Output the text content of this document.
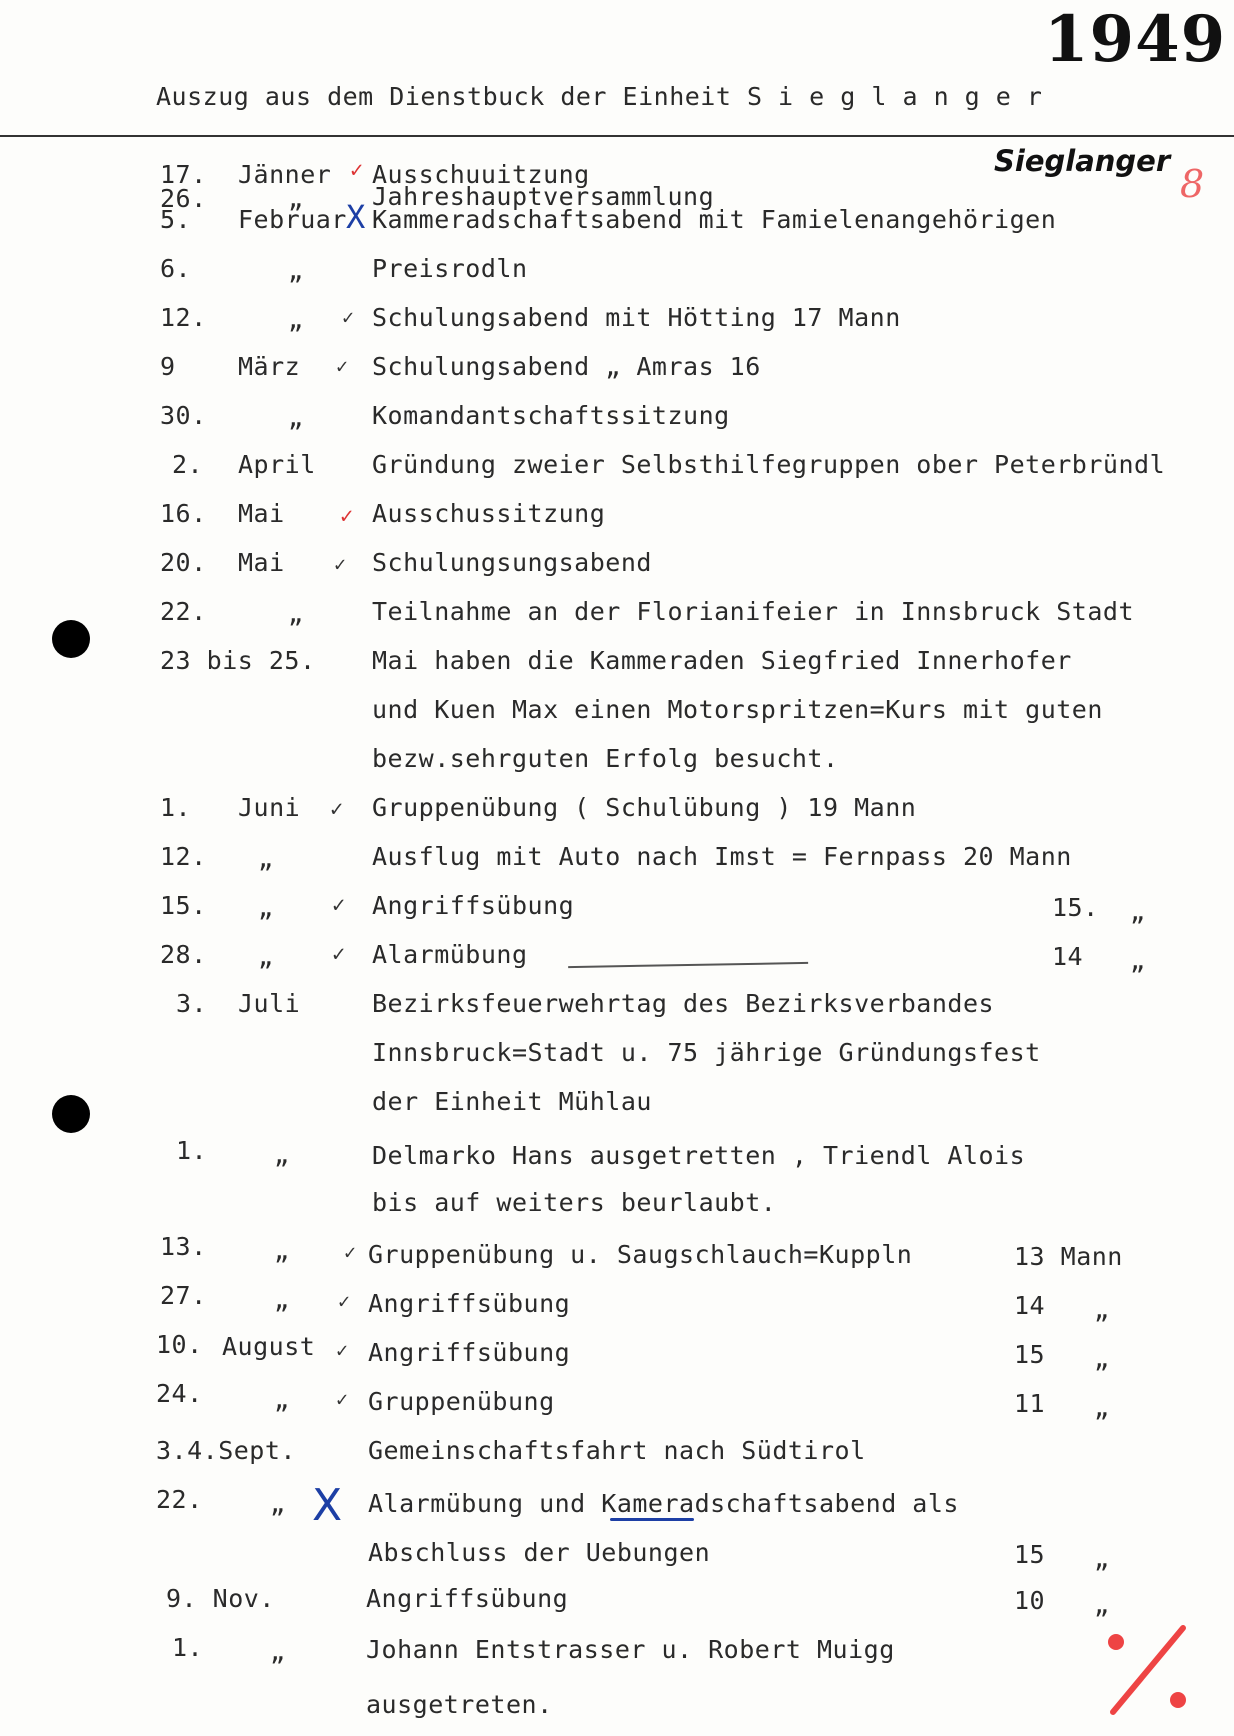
1949
Auszug aus dem Dienstbuck der Einheit S i e g l a n g e r
Sieglanger
8
17. Jänner ✓ Ausschuuitzung
26.	„	Jahreshauptversammlung
5. Februar X Kammeradschaftsabend mit Famielenangehörigen
6.	„	Preisrodln
12.	„ ✓ Schulungsabend mit Hötting 17 Mann
9 März ✓ Schulungsabend „ Amras 16
30.	„	Komandantschaftssitzung
2. April Gründung zweier Selbsthilfegruppen ober Peterbründl
16. Mai	✓ Ausschussitzung
20. Mai ✓ Schulungsungsabend
22.	„	Teilnahme an der Florianifeier in Innsbruck Stadt
23 bis 25. Mai haben die Kammeraden Siegfried Innerhofer
und Kuen Max einen Motorspritzen=Kurs mit guten
bezw.sehrguten Erfolg besucht.
1. Juni ✓ Gruppenübung ( Schulübung ) 19 Mann
12. „	Ausflug mit Auto nach Imst = Fernpass 20 Mann
15. „	✓ Angriffsübung	15. „
28. „	✓ Alarmübung	14 „
3. Juli	Bezirksfeuerwehrtag des Bezirksverbandes
Innsbruck=Stadt u. 75 jährige Gründungsfest
der Einheit Mühlau
1.	„	Delmarko Hans ausgetretten , Triendl Alois
bis auf weiters beurlaubt.
13.	„	✓ Gruppenübung u. Saugschlauch=Kuppln	13 Mann
27.	„ ✓ Angriffsübung	14 „
10. August ✓ Angriffsübung	15 „
24.	„ ✓ Gruppenübung	11 „
3.4.Sept.	Gemeinschaftsfahrt nach Südtirol
22.	„ X Alarmübung und Kameradschaftsabend als
Abschluss der Uebungen	15 „
9. Nov.	Angriffsübung	10 „
1.	„	Johann Entstrasser u. Robert Muigg
ausgetreten.
